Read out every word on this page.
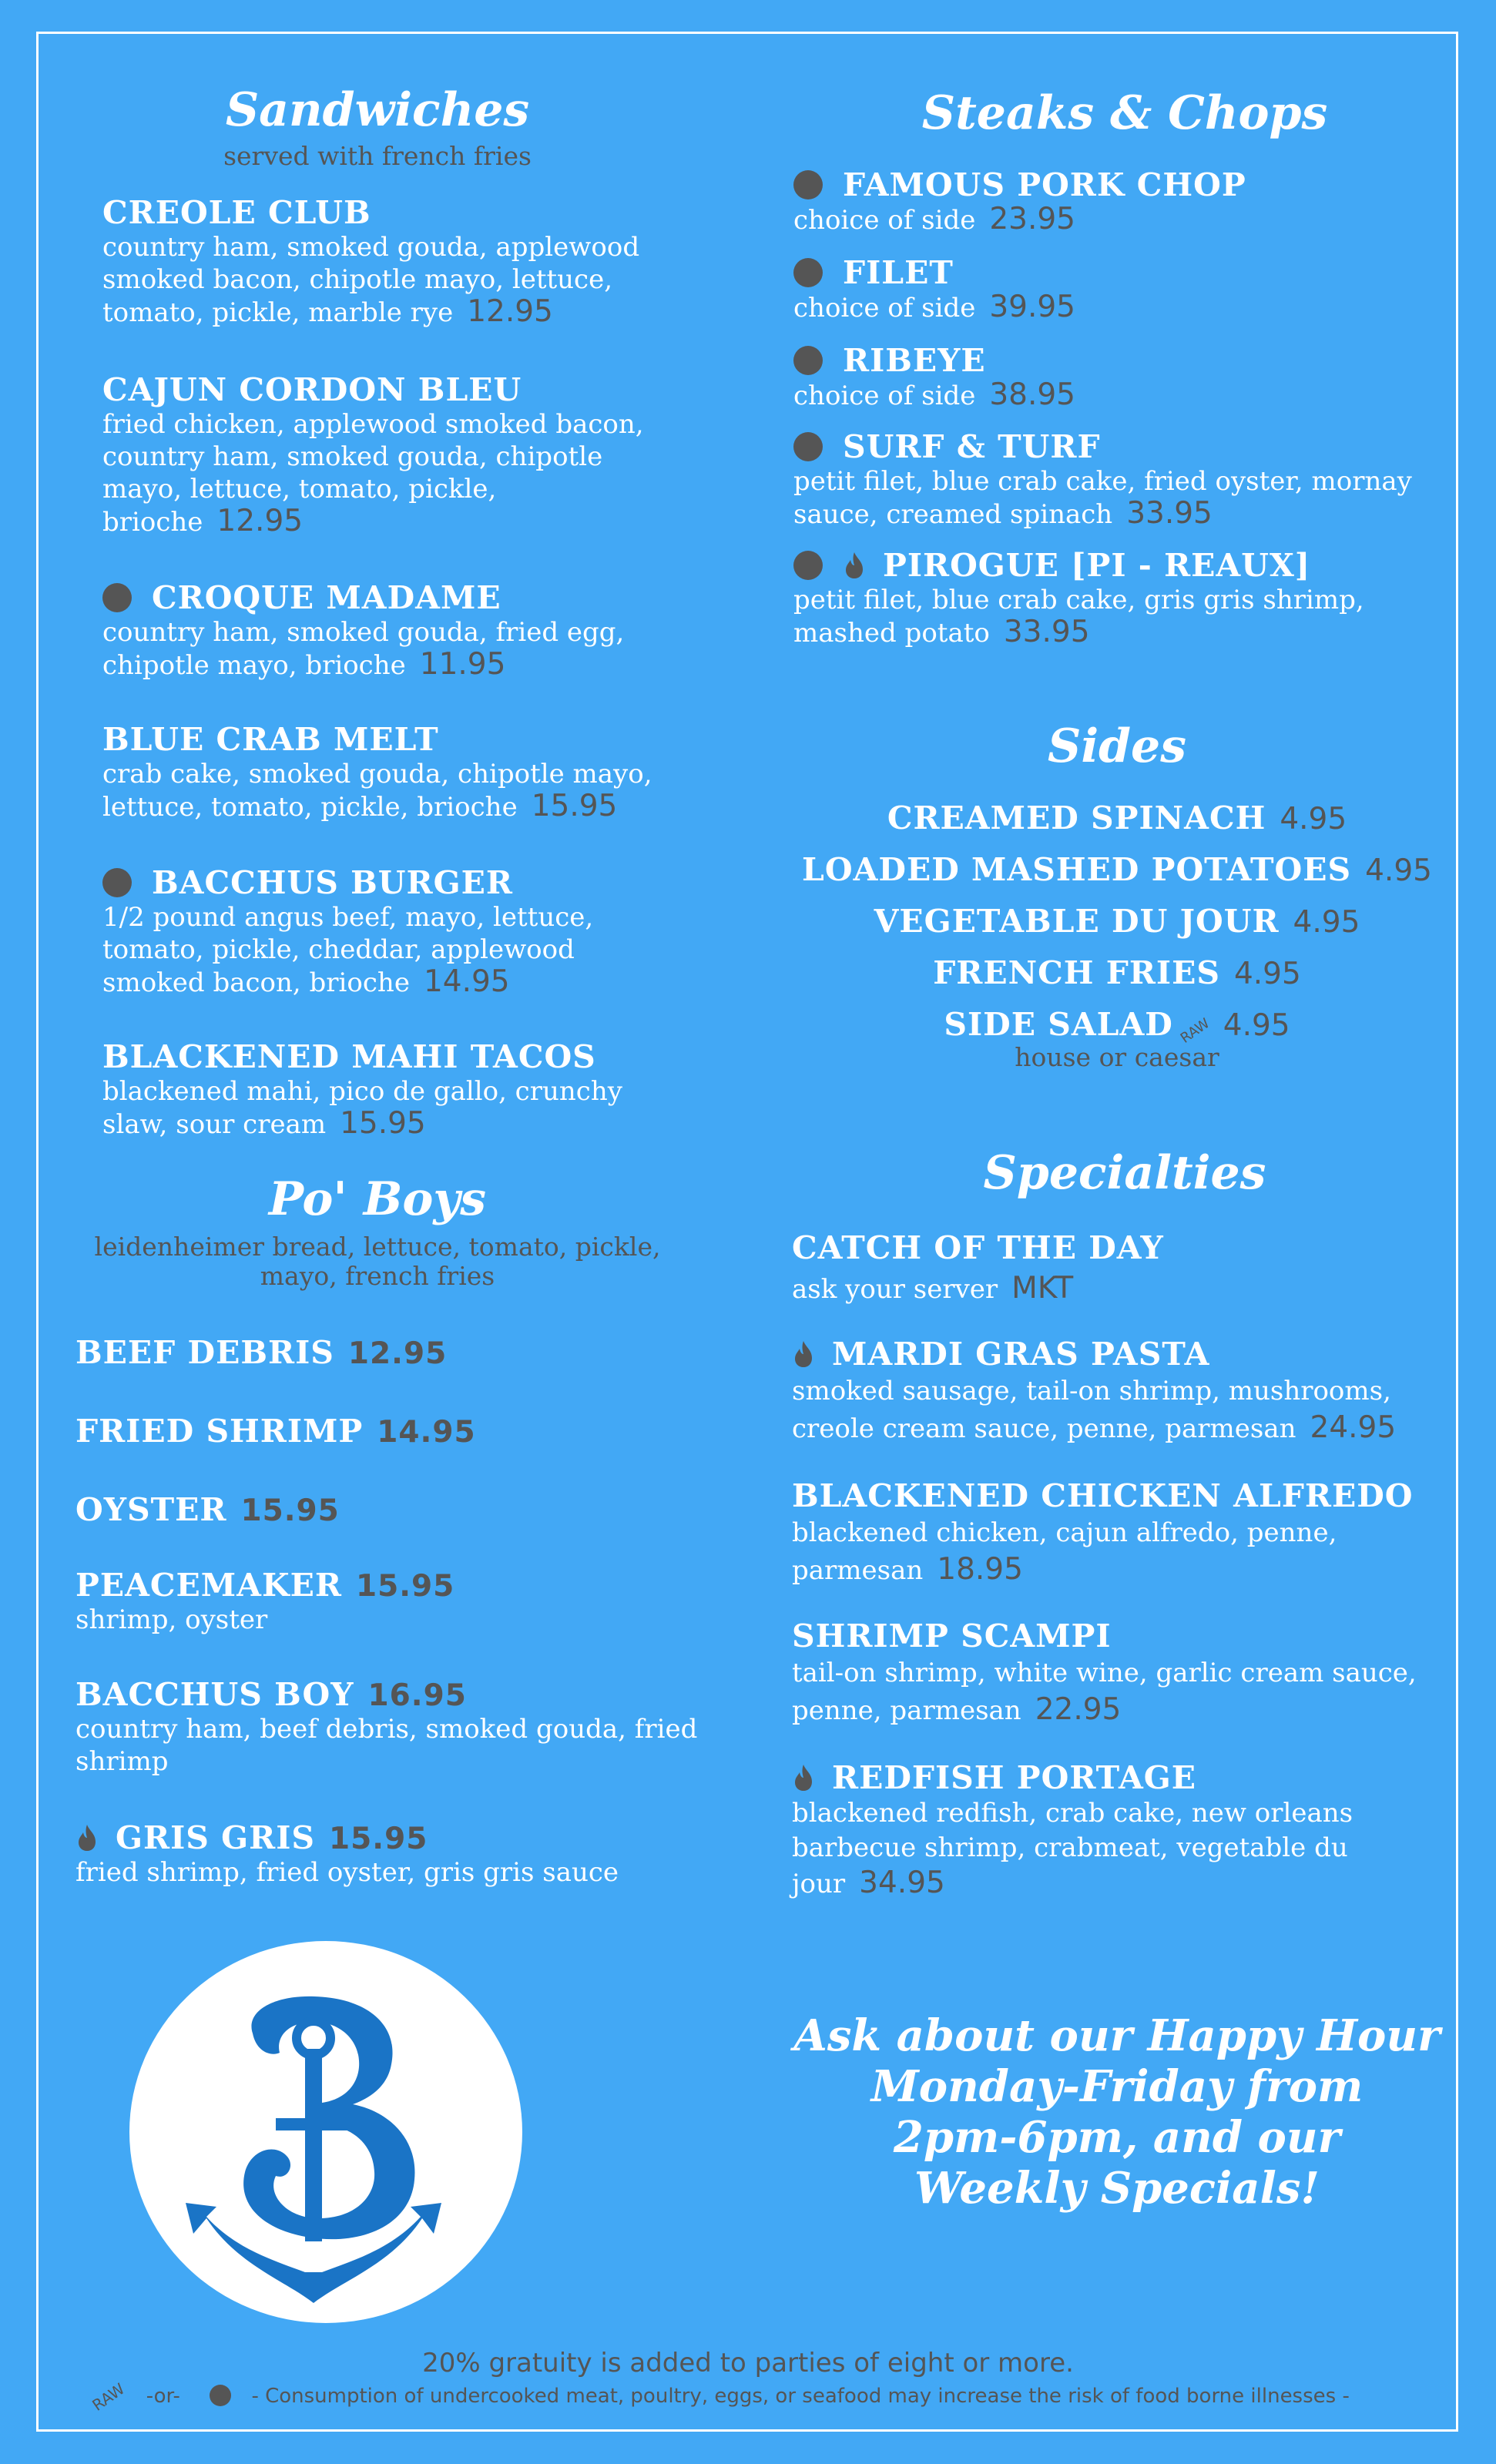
Sandwiches
served with french fries
CREOLE CLUB
country ham, smoked gouda, applewood
smoked bacon, chipotle mayo, lettuce,
tomato, pickle, marble rye 12.95
CAJUN CORDON BLEU
fried chicken, applewood smoked bacon,
country ham, smoked gouda, chipotle
mayo, lettuce, tomato, pickle,
brioche 12.95
CROQUE MADAME
country ham, smoked gouda, fried egg,
chipotle mayo, brioche 11.95
BLUE CRAB MELT
crab cake, smoked gouda, chipotle mayo,
lettuce, tomato, pickle, brioche 15.95
BACCHUS BURGER
1/2 pound angus beef, mayo, lettuce,
tomato, pickle, cheddar, applewood
smoked bacon, brioche 14.95
BLACKENED MAHI TACOS
blackened mahi, pico de gallo, crunchy
slaw, sour cream 15.95
Po' Boys
leidenheimer bread, lettuce, tomato, pickle,
mayo, french fries
BEEF DEBRIS 12.95
FRIED SHRIMP 14.95
OYSTER 15.95
PEACEMAKER 15.95
shrimp, oyster
BACCHUS BOY 16.95
country ham, beef debris, smoked gouda, fried
shrimp
GRIS GRIS 15.95
fried shrimp, fried oyster, gris gris sauce
Steaks & Chops
FAMOUS PORK CHOP
choice of side 23.95
FILET
choice of side 39.95
RIBEYE
choice of side 38.95
SURF & TURF
petit filet, blue crab cake, fried oyster, mornay
sauce, creamed spinach 33.95
PIROGUE [PI - REAUX]
petit filet, blue crab cake, gris gris shrimp,
mashed potato 33.95
Sides
CREAMED SPINACH 4.95
LOADED MASHED POTATOES 4.95
VEGETABLE DU JOUR 4.95
FRENCH FRIES 4.95
SIDE SALAD RAW 4.95
house or caesar
Specialties
CATCH OF THE DAY
ask your server MKT
MARDI GRAS PASTA
smoked sausage, tail-on shrimp, mushrooms,
creole cream sauce, penne, parmesan 24.95
BLACKENED CHICKEN ALFREDO
blackened chicken, cajun alfredo, penne,
parmesan 18.95
SHRIMP SCAMPI
tail-on shrimp, white wine, garlic cream sauce,
penne, parmesan 22.95
REDFISH PORTAGE
blackened redfish, crab cake, new orleans
barbecue shrimp, crabmeat, vegetable du
jour 34.95
Ask about our Happy Hour
Monday-Friday from
2pm-6pm, and our
Weekly Specials!
20% gratuity is added to parties of eight or more.
RAW -or-	- Consumption of undercooked meat, poultry, eggs, or seafood may increase the risk of food borne illnesses -
